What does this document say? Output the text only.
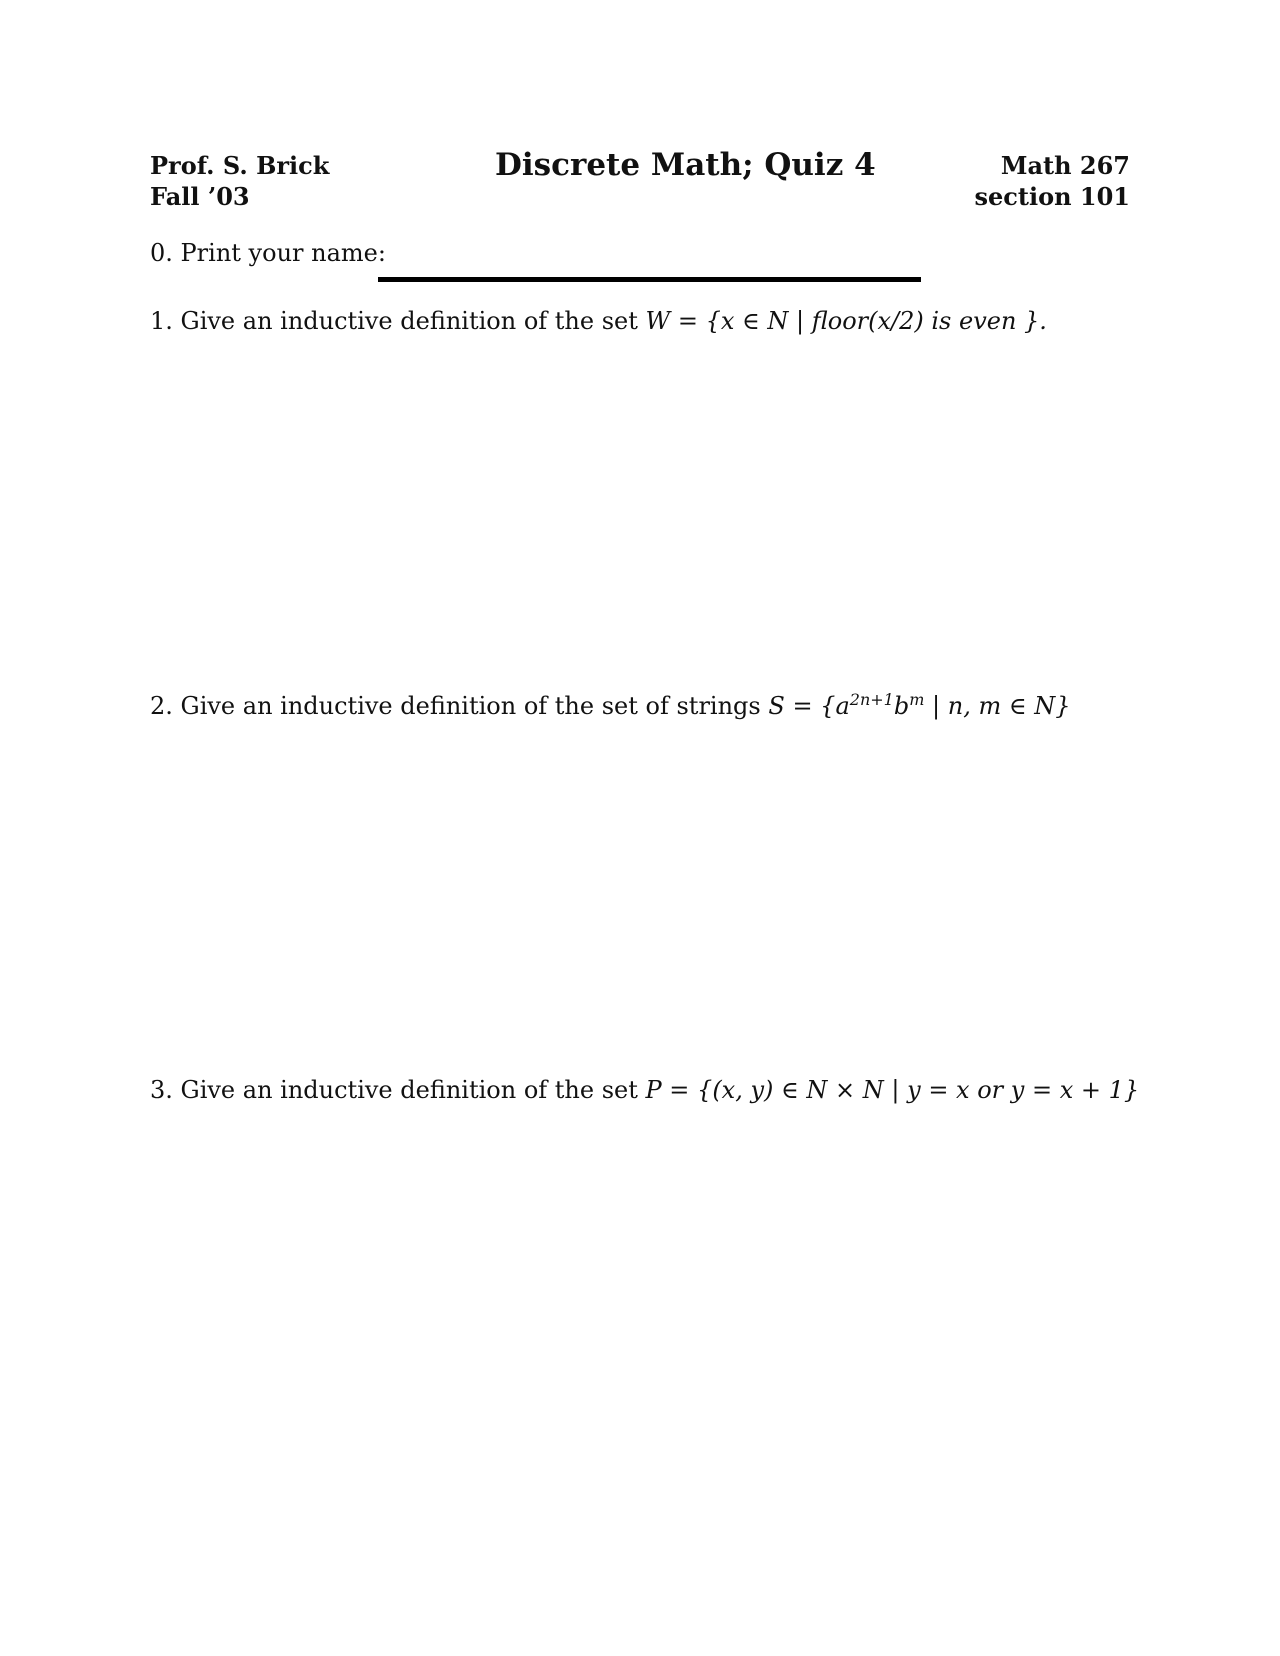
Prof. S. Brick
Fall ’03
Discrete Math; Quiz 4	Math 267
section 101
0. Print your name:
1. Give an inductive definition of the set W = {x ∈ N | floor(x/2) is even }.
2. Give an inductive definition of the set of strings $S = \{a^{2n+1}b^m$ | n, m ∈ N}
3. Give an inductive definition of the set P = {(x, y) ∈ N × N | y = x or y = x + 1}
